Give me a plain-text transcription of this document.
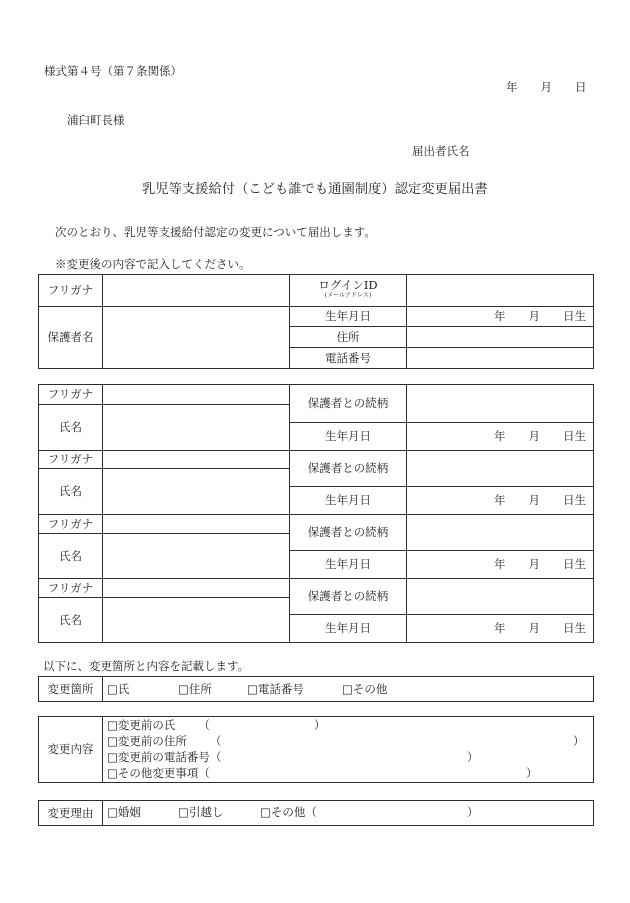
様式第４号（第７条関係）
年　　月　　日
浦臼町長様
届出者氏名
乳児等支援給付（こども誰でも通園制度）認定変更届出書
次のとおり、乳児等支援給付認定の変更について届出します。
※変更後の内容で記入してください。
フリガナ		ログインID
(メールアドレス)	

保護者名		生年月日	年　　月　　日生
		住所	
		電話番号	
フリガナ		保護者との続柄	
氏名			
		生年月日	年　　月　　日生
フリガナ		保護者との続柄	
氏名			
		生年月日	年　　月　　日生
フリガナ		保護者との続柄	
氏名			
		生年月日	年　　月　　日生
フリガナ		保護者との続柄	
氏名			
		生年月日	年　　月　　日生
以下に、変更箇所と内容を記載します。
変更箇所	□氏	□住所	□電話番号	□その他
変更内容	
□変更前の氏 （	）
□変更前の住所 （	）
□変更前の電話番号 （	）
□その他変更事項 （	）
変更理由	□婚姻	□引越し	□その他 （	）
